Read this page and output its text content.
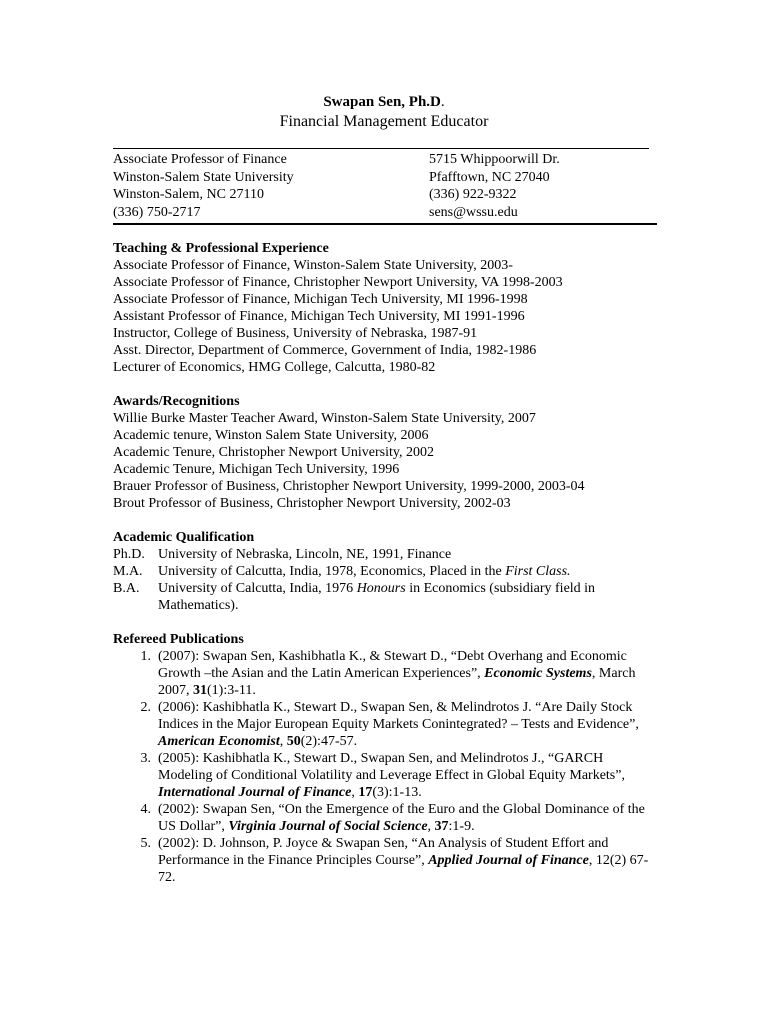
Swapan Sen, Ph.D.
Financial Management Educator
Associate Professor of Finance
Winston-Salem State University
Winston-Salem, NC 27110
(336) 750-2717
5715 Whippoorwill Dr.
Pfafftown, NC 27040
(336) 922-9322
sens@wssu.edu
Teaching & Professional Experience
Associate Professor of Finance, Winston-Salem State University, 2003-
Associate Professor of Finance, Christopher Newport University, VA 1998-2003
Associate Professor of Finance, Michigan Tech University, MI 1996-1998
Assistant Professor of Finance, Michigan Tech University, MI 1991-1996
Instructor, College of Business, University of Nebraska, 1987-91
Asst. Director, Department of Commerce, Government of India, 1982-1986
Lecturer of Economics, HMG College, Calcutta, 1980-82
Awards/Recognitions
Willie Burke Master Teacher Award, Winston-Salem State University, 2007
Academic tenure, Winston Salem State University, 2006
Academic Tenure, Christopher Newport University, 2002
Academic Tenure, Michigan Tech University, 1996
Brauer Professor of Business, Christopher Newport University, 1999-2000, 2003-04
Brout Professor of Business, Christopher Newport University, 2002-03
Academic Qualification
Ph.D. University of Nebraska, Lincoln, NE, 1991, Finance
M.A.	University of Calcutta, India, 1978, Economics, Placed in the First Class.
B.A.	University of Calcutta, India, 1976 Honours in Economics (subsidiary field in Mathematics).
Refereed Publications
1. (2007): Swapan Sen, Kashibhatla K., & Stewart D., “Debt Overhang and Economic Growth –the Asian and the Latin American Experiences”, Economic Systems, March 2007, 31(1):3-11.
2. (2006): Kashibhatla K., Stewart D., Swapan Sen, & Melindrotos J. “Are Daily Stock Indices in the Major European Equity Markets Conintegrated? – Tests and Evidence”, American Economist, 50(2):47-57.
3. (2005): Kashibhatla K., Stewart D., Swapan Sen, and Melindrotos J., “GARCH Modeling of Conditional Volatility and Leverage Effect in Global Equity Markets”, International Journal of Finance, 17(3):1-13.
4. (2002): Swapan Sen, “On the Emergence of the Euro and the Global Dominance of the US Dollar”, Virginia Journal of Social Science, 37:1-9.
5. (2002): D. Johnson, P. Joyce & Swapan Sen, “An Analysis of Student Effort and Performance in the Finance Principles Course”, Applied Journal of Finance, 12(2) 67-72.
